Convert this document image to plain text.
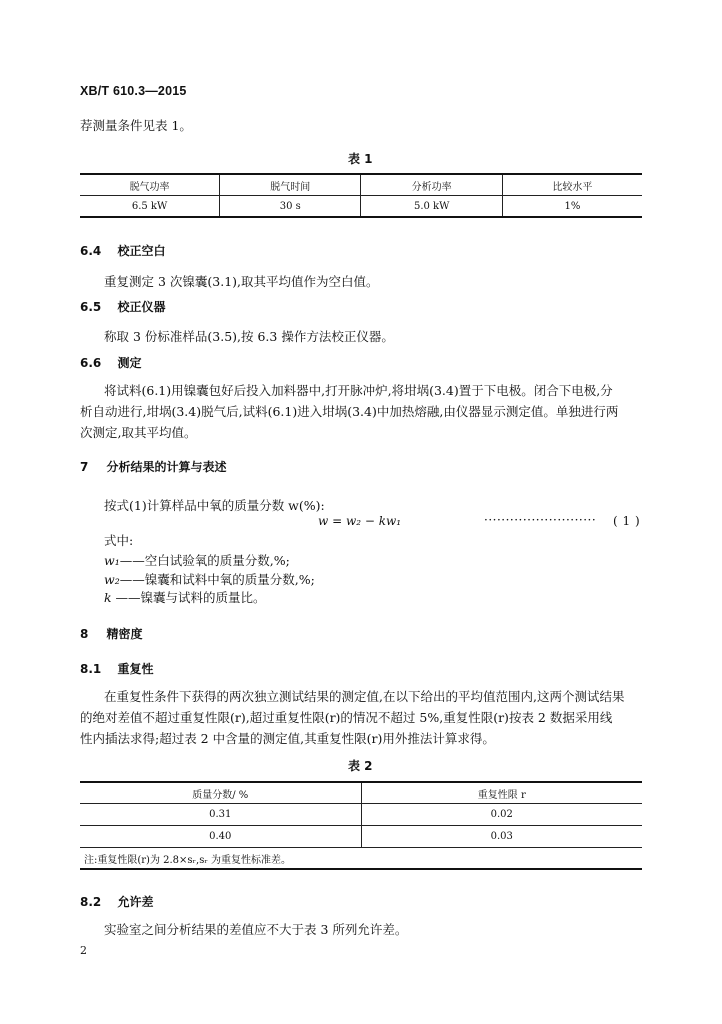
XB/T 610.3—2015
荐测量条件见表 1。
表 1
脱气功率	脱气时间	分析功率	比较水平
6.5 kW	30 s	5.0 kW	1%
6.4 校正空白
重复测定 3 次镍囊(3.1),取其平均值作为空白值。
6.5 校正仪器
称取 3 份标准样品(3.5),按 6.3 操作方法校正仪器。
6.6 测定
将试料(6.1)用镍囊包好后投入加料器中,打开脉冲炉,将坩埚(3.4)置于下电极。闭合下电极,分
析自动进行,坩埚(3.4)脱气后,试料(6.1)进入坩埚(3.4)中加热熔融,由仪器显示测定值。单独进行两
次测定,取其平均值。
7 分析结果的计算与表述
按式(1)计算样品中氧的质量分数 w(%):
w = w₂ − kw₁	·························· ( 1 )
式中:
w₁——空白试验氧的质量分数,%;
w₂——镍囊和试料中氧的质量分数,%;
k ——镍囊与试料的质量比。
8 精密度
8.1 重复性
在重复性条件下获得的两次独立测试结果的测定值,在以下给出的平均值范围内,这两个测试结果
的绝对差值不超过重复性限(r),超过重复性限(r)的情况不超过 5%,重复性限(r)按表 2 数据采用线
性内插法求得;超过表 2 中含量的测定值,其重复性限(r)用外推法计算求得。
表 2
质量分数/ %	重复性限 r
0.31	0.02
0.40	0.03
注:重复性限(r)为 2.8×sᵣ,sᵣ 为重复性标准差。	
8.2 允许差
实验室之间分析结果的差值应不大于表 3 所列允许差。
2
